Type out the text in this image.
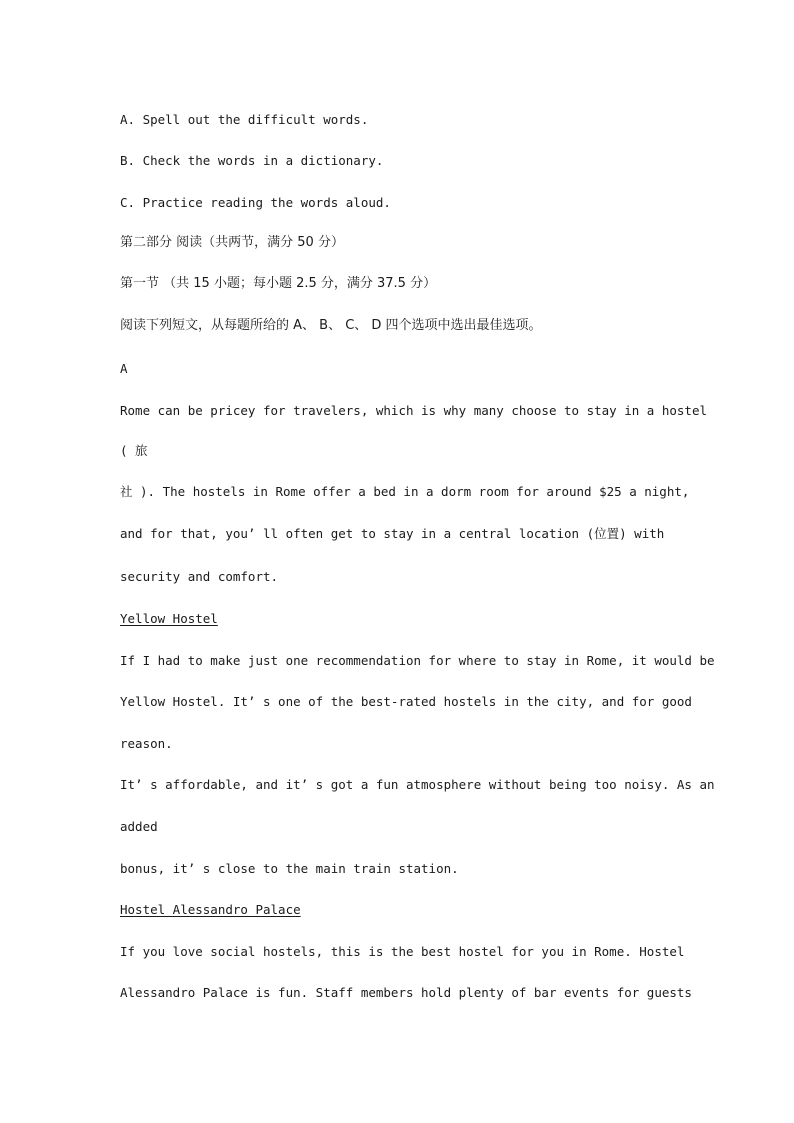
A. Spell out the difficult words.

B. Check the words in a dictionary.

C. Practice reading the words aloud.

第二部分 阅读（共两节，满分 50 分）

第一节 （共 15 小题；每小题 2.5 分，满分 37.5 分）

阅读下列短文，从每题所给的 A、 B、 C、 D 四个选项中选出最佳选项。

A

Rome can be pricey for travelers, which is why many choose to stay in a hostel

( 旅

社 ). The hostels in Rome offer a bed in a dorm room for around $25 a night,

and for that, you’ ll often get to stay in a central location (位置) with

security and comfort.

Yellow Hostel

If I had to make just one recommendation for where to stay in Rome, it would be

Yellow Hostel. It’ s one of the best-rated hostels in the city, and for good

reason.

It’ s affordable, and it’ s got a fun atmosphere without being too noisy. As an

added

bonus, it’ s close to the main train station.

Hostel Alessandro Palace

If you love social hostels, this is the best hostel for you in Rome. Hostel

Alessandro Palace is fun. Staff members hold plenty of bar events for guests
